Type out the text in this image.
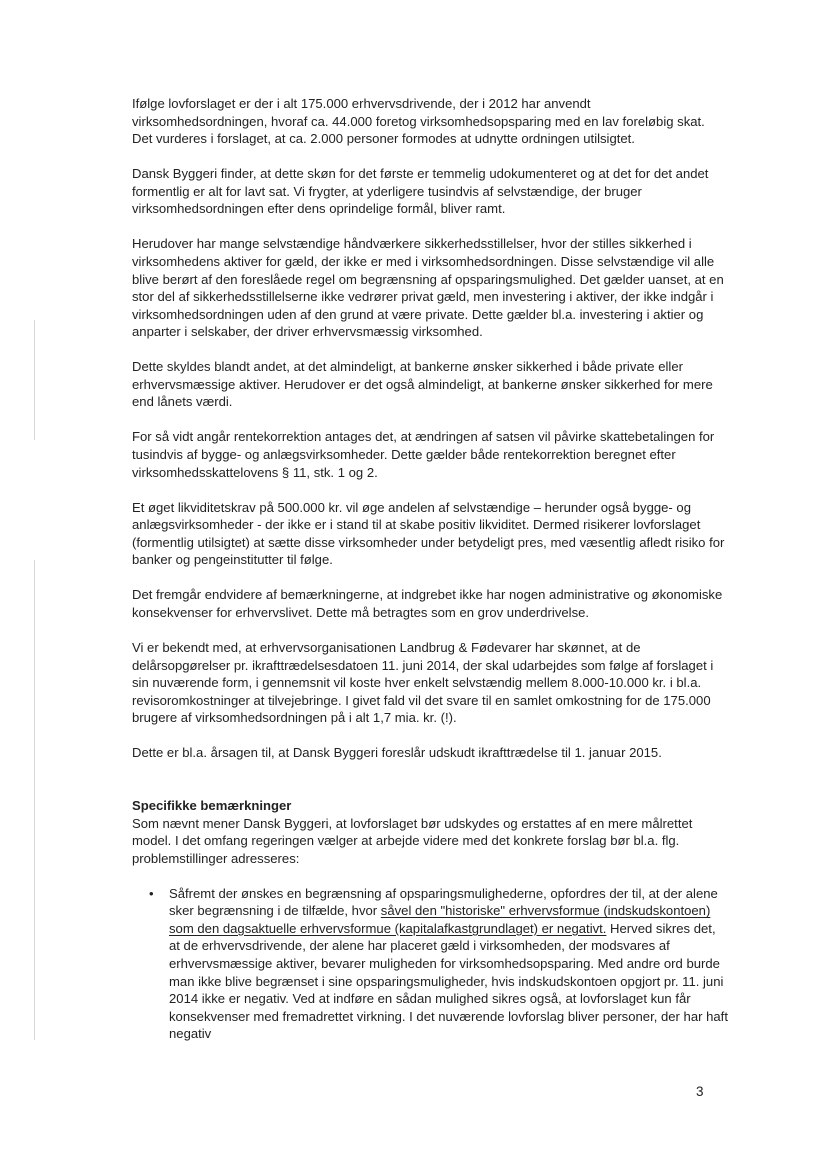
Ifølge lovforslaget er der i alt 175.000 erhvervsdrivende, der i 2012 har anvendt virksomhedsordningen, hvoraf ca. 44.000 foretog virksomhedsopsparing med en lav foreløbig skat. Det vurderes i forslaget, at ca. 2.000 personer formodes at udnytte ordningen utilsigtet.

Dansk Byggeri finder, at dette skøn for det første er temmelig udokumenteret og at det for det andet formentlig er alt for lavt sat. Vi frygter, at yderligere tusindvis af selvstændige, der bruger virksomhedsordningen efter dens oprindelige formål, bliver ramt.

Herudover har mange selvstændige håndværkere sikkerhedsstillelser, hvor der stilles sikkerhed i virksomhedens aktiver for gæld, der ikke er med i virksomhedsordningen. Disse selvstændige vil alle blive berørt af den foreslåede regel om begrænsning af opsparingsmulighed. Det gælder uanset, at en stor del af sikkerhedsstillelserne ikke vedrører privat gæld, men investering i aktiver, der ikke indgår i virksomhedsordningen uden af den grund at være private. Dette gælder bl.a. investering i aktier og anparter i selskaber, der driver erhvervsmæssig virksomhed.

Dette skyldes blandt andet, at det almindeligt, at bankerne ønsker sikkerhed i både private eller erhvervsmæssige aktiver. Herudover er det også almindeligt, at bankerne ønsker sikkerhed for mere end lånets værdi.

For så vidt angår rentekorrektion antages det, at ændringen af satsen vil påvirke skattebetalingen for tusindvis af bygge- og anlægsvirksomheder. Dette gælder både rentekorrektion beregnet efter virksomhedsskattelovens § 11, stk. 1 og 2.

Et øget likviditetskrav på 500.000 kr. vil øge andelen af selvstændige – herunder også bygge- og anlægsvirksomheder - der ikke er i stand til at skabe positiv likviditet. Dermed risikerer lovforslaget (formentlig utilsigtet) at sætte disse virksomheder under betydeligt pres, med væsentlig afledt risiko for banker og pengeinstitutter til følge.

Det fremgår endvidere af bemærkningerne, at indgrebet ikke har nogen administrative og økonomiske konsekvenser for erhvervslivet. Dette må betragtes som en grov underdrivelse.

Vi er bekendt med, at erhvervsorganisationen Landbrug & Fødevarer har skønnet, at de delårsopgørelser pr. ikrafttrædelsesdatoen 11. juni 2014, der skal udarbejdes som følge af forslaget i sin nuværende form, i gennemsnit vil koste hver enkelt selvstændig mellem 8.000-10.000 kr. i bl.a. revisoromkostninger at tilvejebringe. I givet fald vil det svare til en samlet omkostning for de 175.000 brugere af virksomhedsordningen på i alt 1,7 mia. kr. (!).

Dette er bl.a. årsagen til, at Dansk Byggeri foreslår udskudt ikrafttrædelse til 1. januar 2015.

Specifikke bemærkninger
Som nævnt mener Dansk Byggeri, at lovforslaget bør udskydes og erstattes af en mere målrettet model. I det omfang regeringen vælger at arbejde videre med det konkrete forslag bør bl.a. flg. problemstillinger adresseres:
•	Såfremt der ønskes en begrænsning af opsparingsmulighederne, opfordres der til, at der alene sker begrænsning i de tilfælde, hvor såvel den "historiske" erhvervsformue (indskudskontoen) som den dagsaktuelle erhvervsformue (kapitalafkastgrundlaget) er negativt. Herved sikres det, at de erhvervsdrivende, der alene har placeret gæld i virksomheden, der modsvares af erhvervsmæssige aktiver, bevarer muligheden for virksomhedsopsparing. Med andre ord burde man ikke blive begrænset i sine opsparingsmuligheder, hvis indskudskontoen opgjort pr. 11. juni 2014 ikke er negativ. Ved at indføre en sådan mulighed sikres også, at lovforslaget kun får konsekvenser med fremadrettet virkning. I det nuværende lovforslag bliver personer, der har haft negativ
3
